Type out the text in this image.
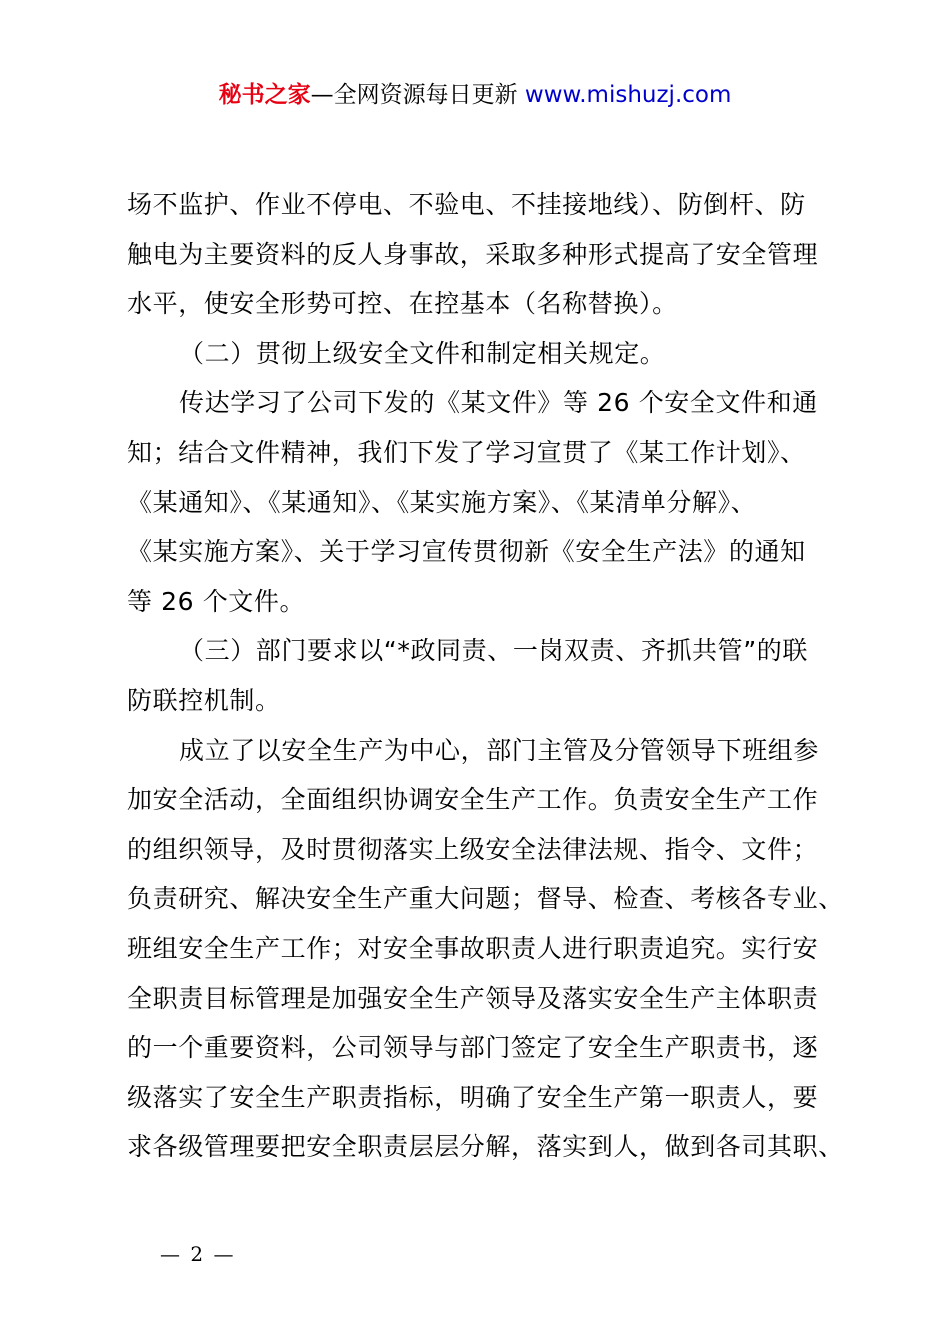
秘书之家—全网资源每日更新 www.mishuzj.com
场不监护、作业不停电、不验电、不挂接地线）、防倒杆、防
触电为主要资料的反人身事故，采取多种形式提高了安全管理
水平，使安全形势可控、在控基本（名称替换）。
（二）贯彻上级安全文件和制定相关规定。
传达学习了公司下发的《某文件》等 26 个安全文件和通
知；结合文件精神，我们下发了学习宣贯了《某工作计划》、
《某通知》、《某通知》、《某实施方案》、《某清单分解》、
《某实施方案》、关于学习宣传贯彻新《安全生产法》的通知
等 26 个文件。
（三）部门要求以“*政同责、一岗双责、齐抓共管”的联
防联控机制。
成立了以安全生产为中心，部门主管及分管领导下班组参
加安全活动，全面组织协调安全生产工作。负责安全生产工作
的组织领导，及时贯彻落实上级安全法律法规、指令、文件；
负责研究、解决安全生产重大问题；督导、检查、考核各专业、
班组安全生产工作；对安全事故职责人进行职责追究。实行安
全职责目标管理是加强安全生产领导及落实安全生产主体职责
的一个重要资料，公司领导与部门签定了安全生产职责书，逐
级落实了安全生产职责指标，明确了安全生产第一职责人，要
求各级管理要把安全职责层层分解，落实到人，做到各司其职、
— 2 —
